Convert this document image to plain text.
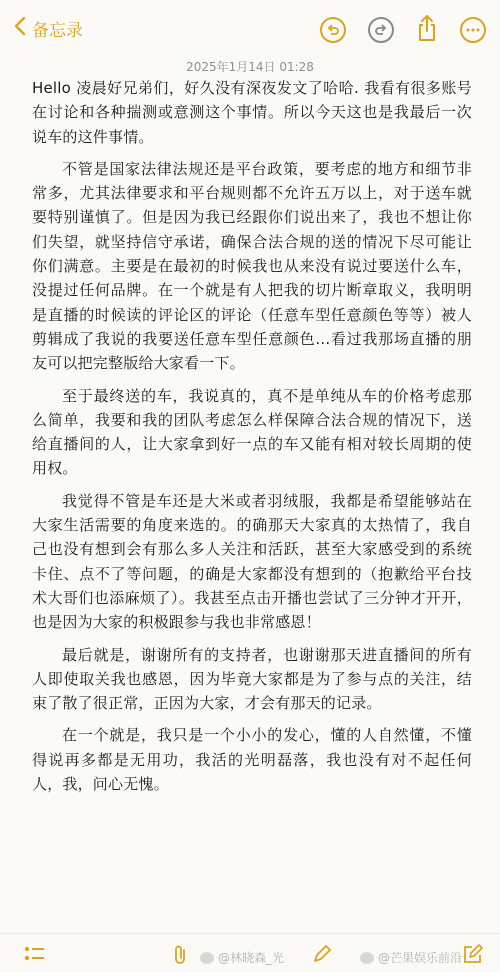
备忘录
2025年1月14日 01:28

Hello 凌晨好兄弟们，好久没有深夜发文了哈哈. 我看有很多账号在讨论和各种揣测或意测这个事情。所以今天这也是我最后一次说车的这件事情。

不管是国家法律法规还是平台政策，要考虑的地方和细节非常多，尤其法律要求和平台规则都不允许五万以上，对于送车就要特别谨慎了。但是因为我已经跟你们说出来了，我也不想让你们失望，就坚持信守承诺，确保合法合规的送的情况下尽可能让你们满意。主要是在最初的时候我也从来没有说过要送什么车，没提过任何品牌。在一个就是有人把我的切片断章取义，我明明是直播的时候读的评论区的评论（任意车型任意颜色等等）被人剪辑成了我说的我要送任意车型任意颜色...看过我那场直播的朋友可以把完整版给大家看一下。

至于最终送的车，我说真的，真不是单纯从车的价格考虑那么简单，我要和我的团队考虑怎么样保障合法合规的情况下，送给直播间的人，让大家拿到好一点的车又能有相对较长周期的使用权。

我觉得不管是车还是大米或者羽绒服，我都是希望能够站在大家生活需要的角度来选的。的确那天大家真的太热情了，我自己也没有想到会有那么多人关注和活跃，甚至大家感受到的系统卡住、点不了等问题，的确是大家都没有想到的（抱歉给平台技术大哥们也添麻烦了）。我甚至点击开播也尝试了三分钟才开开，也是因为大家的积极跟参与我也非常感恩！

最后就是，谢谢所有的支持者，也谢谢那天进直播间的所有人即使取关我也感恩，因为毕竟大家都是为了参与点的关注，结束了散了很正常，正因为大家，才会有那天的记录。

在一个就是，我只是一个小小的发心，懂的人自然懂，不懂得说再多都是无用功，我活的光明磊落，我也没有对不起任何人，我，问心无愧。

@林晓森_光	@芒果娱乐前沿
